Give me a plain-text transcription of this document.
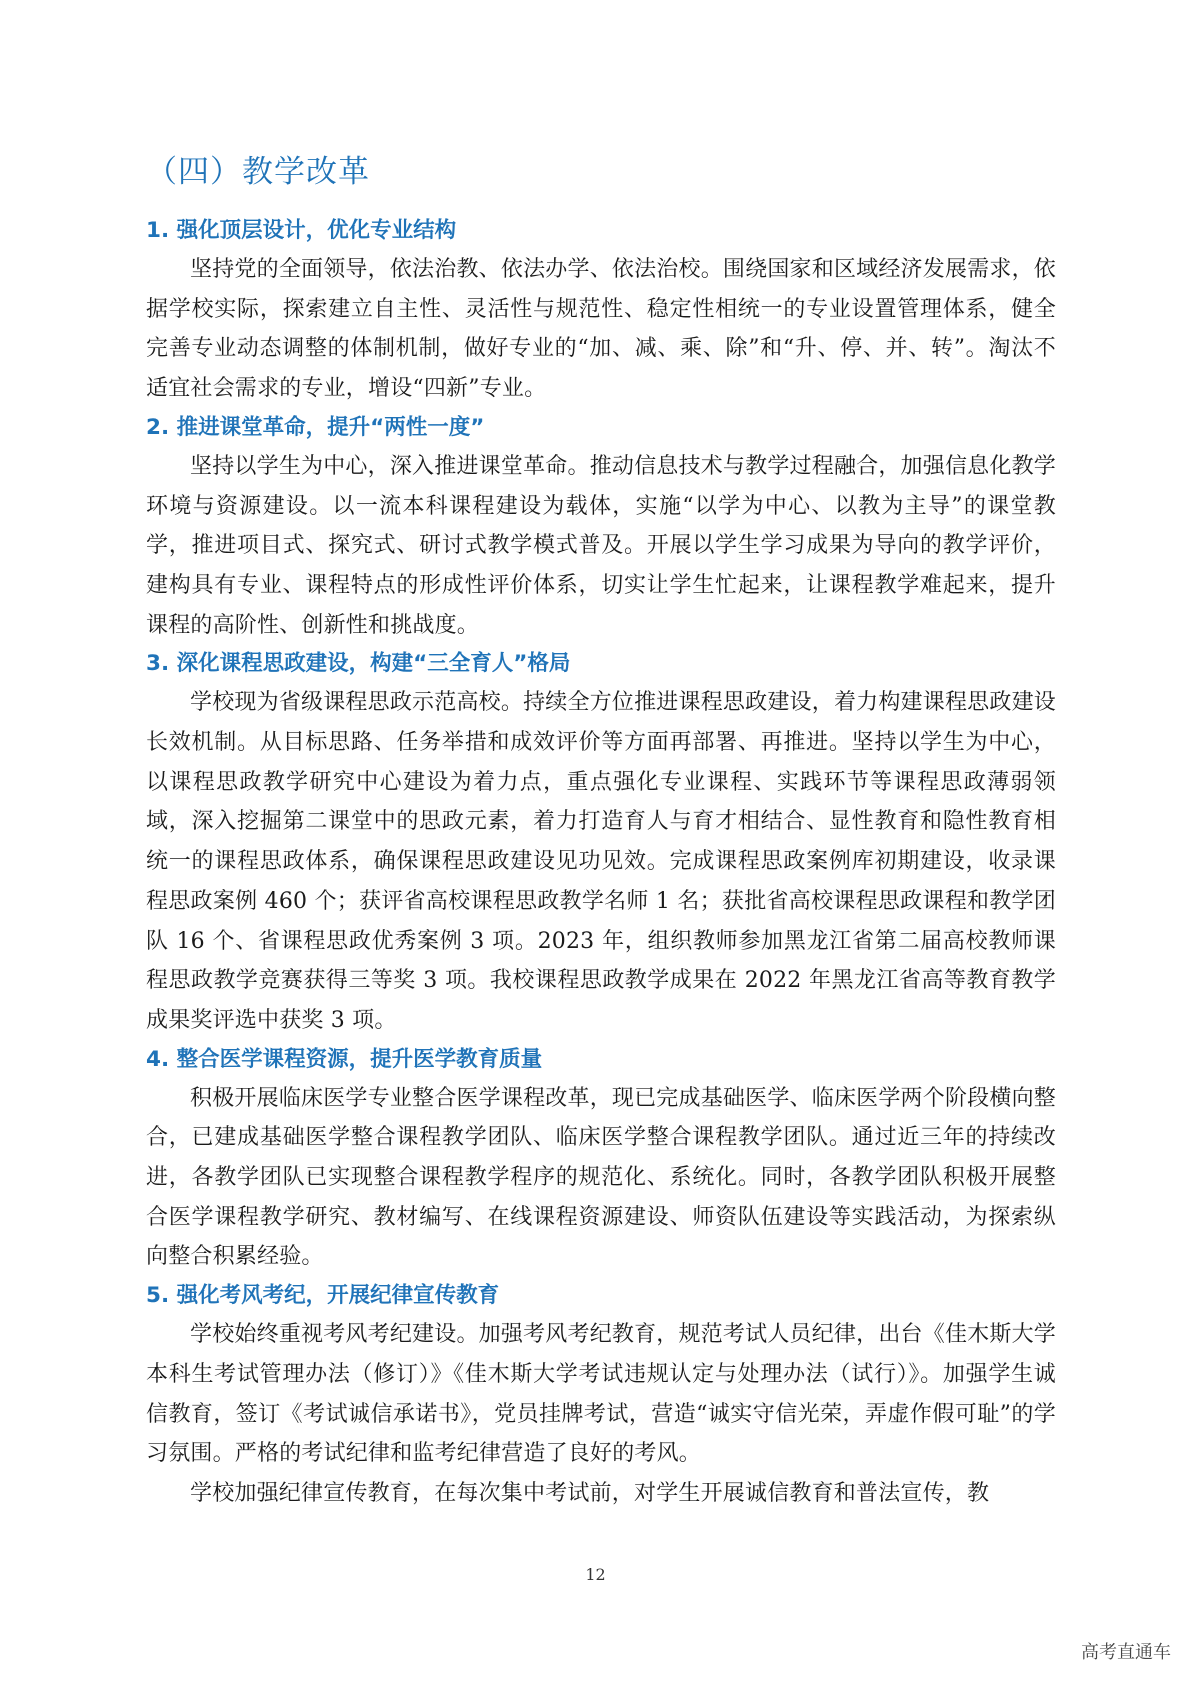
（四）教学改革
1. 强化顶层设计，优化专业结构

坚持党的全面领导，依法治教、依法办学、依法治校。围绕国家和区域经济发展需求，依据学校实际，探索建立自主性、灵活性与规范性、稳定性相统一的专业设置管理体系，健全完善专业动态调整的体制机制，做好专业的“加、减、乘、除”和“升、停、并、转”。淘汰不适宜社会需求的专业，增设“四新”专业。

2. 推进课堂革命，提升“两性一度”

坚持以学生为中心，深入推进课堂革命。推动信息技术与教学过程融合，加强信息化教学环境与资源建设。以一流本科课程建设为载体，实施“以学为中心、以教为主导”的课堂教学，推进项目式、探究式、研讨式教学模式普及。开展以学生学习成果为导向的教学评价，建构具有专业、课程特点的形成性评价体系，切实让学生忙起来，让课程教学难起来，提升课程的高阶性、创新性和挑战度。

3. 深化课程思政建设，构建“三全育人”格局

学校现为省级课程思政示范高校。持续全方位推进课程思政建设，着力构建课程思政建设长效机制。从目标思路、任务举措和成效评价等方面再部署、再推进。坚持以学生为中心，以课程思政教学研究中心建设为着力点，重点强化专业课程、实践环节等课程思政薄弱领域，深入挖掘第二课堂中的思政元素，着力打造育人与育才相结合、显性教育和隐性教育相统一的课程思政体系，确保课程思政建设见功见效。完成课程思政案例库初期建设，收录课程思政案例 460 个；获评省高校课程思政教学名师 1 名；获批省高校课程思政课程和教学团队 16 个、省课程思政优秀案例 3 项。2023 年，组织教师参加黑龙江省第二届高校教师课程思政教学竞赛获得三等奖 3 项。我校课程思政教学成果在 2022 年黑龙江省高等教育教学成果奖评选中获奖 3 项。

4. 整合医学课程资源，提升医学教育质量

积极开展临床医学专业整合医学课程改革，现已完成基础医学、临床医学两个阶段横向整合，已建成基础医学整合课程教学团队、临床医学整合课程教学团队。通过近三年的持续改进，各教学团队已实现整合课程教学程序的规范化、系统化。同时，各教学团队积极开展整合医学课程教学研究、教材编写、在线课程资源建设、师资队伍建设等实践活动，为探索纵向整合积累经验。

5. 强化考风考纪，开展纪律宣传教育

学校始终重视考风考纪建设。加强考风考纪教育，规范考试人员纪律，出台《佳木斯大学本科生考试管理办法（修订）》《佳木斯大学考试违规认定与处理办法（试行）》。加强学生诚信教育，签订《考试诚信承诺书》，党员挂牌考试，营造“诚实守信光荣，弄虚作假可耻”的学习氛围。严格的考试纪律和监考纪律营造了良好的考风。

学校加强纪律宣传教育，在每次集中考试前，对学生开展诚信教育和普法宣传，教

12

高考直通车
